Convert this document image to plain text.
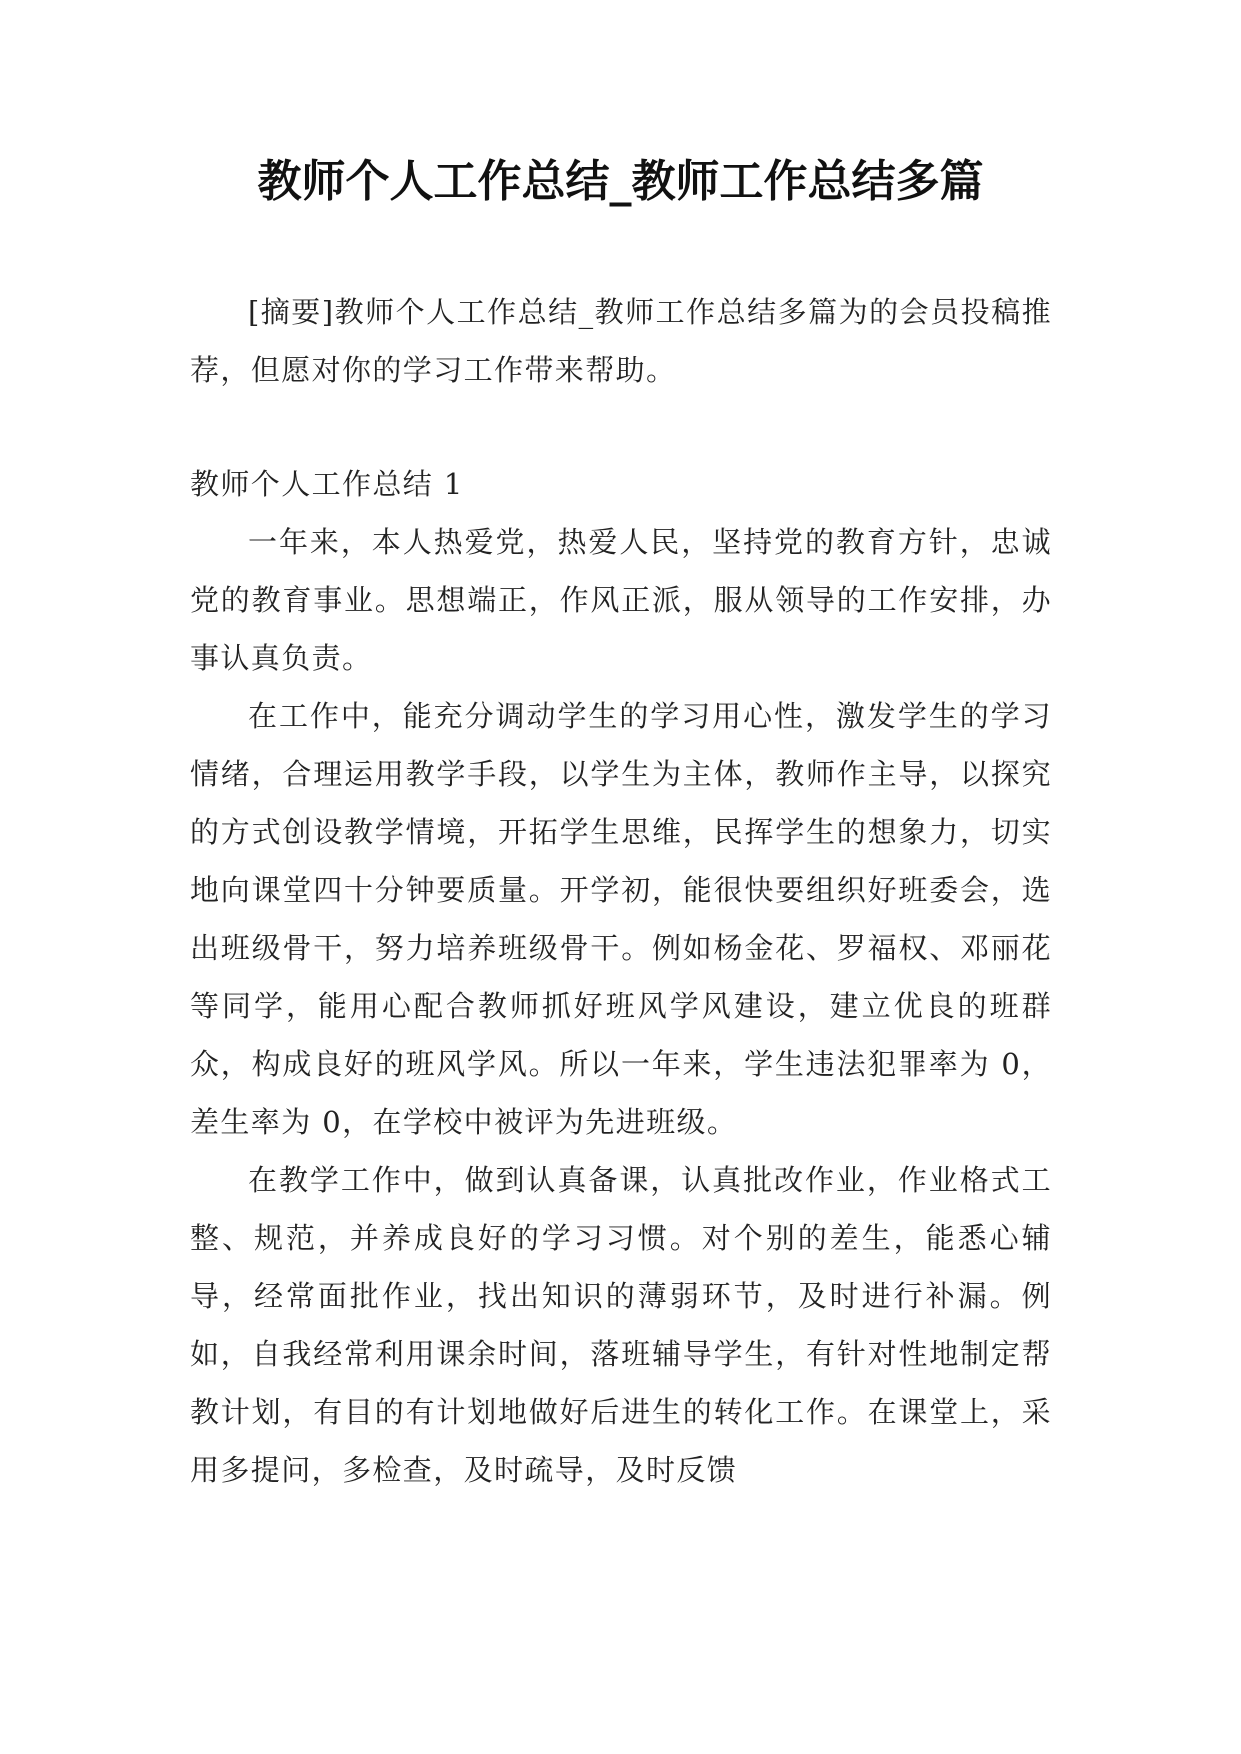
教师个人工作总结_教师工作总结多篇

[摘要]教师个人工作总结_教师工作总结多篇为的会员投稿推荐，但愿对你的学习工作带来帮助。

教师个人工作总结 1

一年来，本人热爱党，热爱人民，坚持党的教育方针，忠诚党的教育事业。思想端正，作风正派，服从领导的工作安排，办事认真负责。

在工作中，能充分调动学生的学习用心性，激发学生的学习情绪，合理运用教学手段，以学生为主体，教师作主导，以探究的方式创设教学情境，开拓学生思维，民挥学生的想象力，切实地向课堂四十分钟要质量。开学初，能很快要组织好班委会，选出班级骨干，努力培养班级骨干。例如杨金花、罗福权、邓丽花等同学，能用心配合教师抓好班风学风建设，建立优良的班群众，构成良好的班风学风。所以一年来，学生违法犯罪率为 0，差生率为 0，在学校中被评为先进班级。

在教学工作中，做到认真备课，认真批改作业，作业格式工整、规范，并养成良好的学习习惯。对个别的差生，能悉心辅导，经常面批作业，找出知识的薄弱环节，及时进行补漏。例如，自我经常利用课余时间，落班辅导学生，有针对性地制定帮教计划，有目的有计划地做好后进生的转化工作。在课堂上，采用多提问，多检查，及时疏导，及时反馈
